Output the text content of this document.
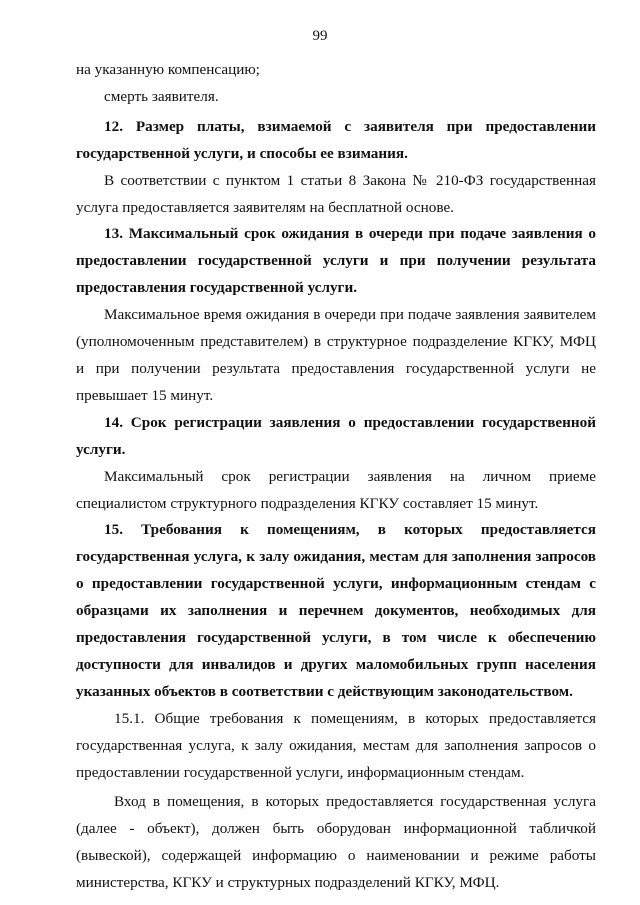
99

на указанную компенсацию;

смерть заявителя.

12. Размер платы, взимаемой с заявителя при предоставлении государственной услуги, и способы ее взимания.

В соответствии с пунктом 1 статьи 8 Закона № 210-ФЗ государственная услуга предоставляется заявителям на бесплатной основе.

13. Максимальный срок ожидания в очереди при подаче заявления о предоставлении государственной услуги и при получении результата предоставления государственной услуги.

Максимальное время ожидания в очереди при подаче заявления заявителем (уполномоченным представителем) в структурное подразделение КГКУ, МФЦ и при получении результата предоставления государственной услуги не превышает 15 минут.

14. Срок регистрации заявления о предоставлении государственной услуги.

Максимальный срок регистрации заявления на личном приеме специалистом структурного подразделения КГКУ составляет 15 минут.

15. Требования к помещениям, в которых предоставляется государственная услуга, к залу ожидания, местам для заполнения запросов о предоставлении государственной услуги, информационным стендам с образцами их заполнения и перечнем документов, необходимых для предоставления государственной услуги, в том числе к обеспечению доступности для инвалидов и других маломобильных групп населения указанных объектов в соответствии с действующим законодательством.

15.1. Общие требования к помещениям, в которых предоставляется государственная услуга, к залу ожидания, местам для заполнения запросов о предоставлении государственной услуги, информационным стендам.

Вход в помещения, в которых предоставляется государственная услуга (далее - объект), должен быть оборудован информационной табличкой (вывеской), содержащей информацию о наименовании и режиме работы министерства, КГКУ и структурных подразделений КГКУ, МФЦ.
